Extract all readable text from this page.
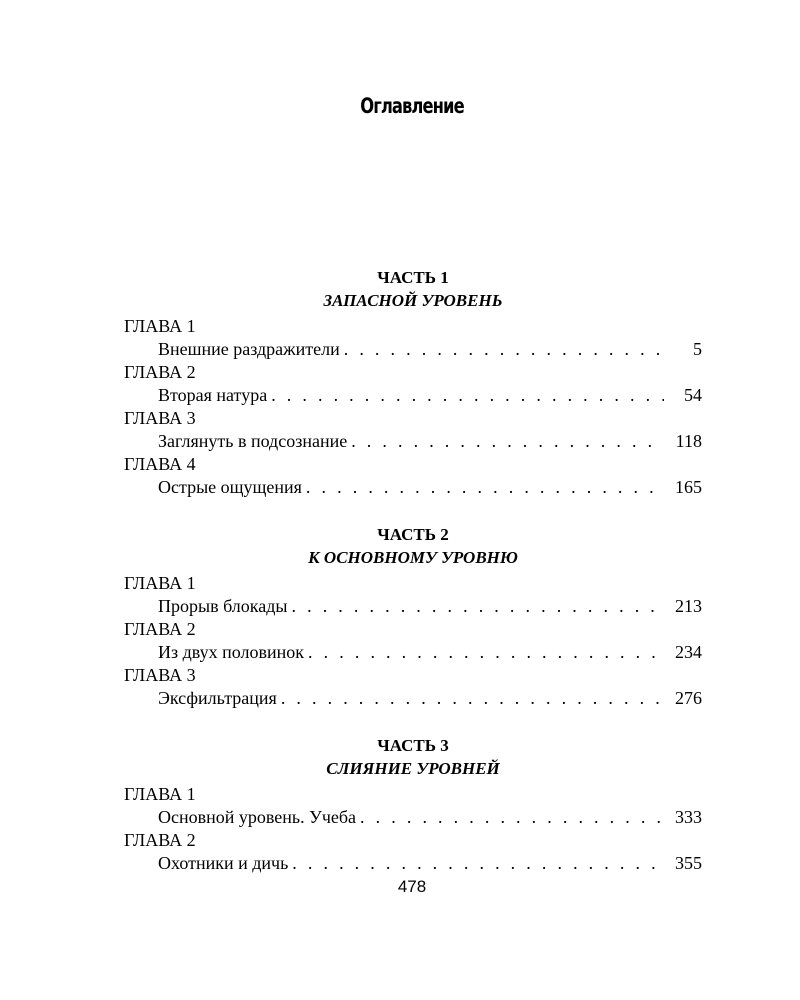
Оглавление
ЧАСТЬ 1
ЗАПАСНОЙ УРОВЕНЬ
ГЛАВА 1
Внешние раздражители . . .	5
ГЛАВА 2
Вторая натура . . .	54
ГЛАВА 3
Заглянуть в подсознание . . .	118
ГЛАВА 4
Острые ощущения . . .	165
ЧАСТЬ 2
К ОСНОВНОМУ УРОВНЮ
ГЛАВА 1
Прорыв блокады . . .	213
ГЛАВА 2
Из двух половинок . . .	234
ГЛАВА 3
Эксфильтрация . . .	276
ЧАСТЬ 3
СЛИЯНИЕ УРОВНЕЙ
ГЛАВА 1
Основной уровень. Учеба . . .	333
ГЛАВА 2
Охотники и дичь . . .	355
478
